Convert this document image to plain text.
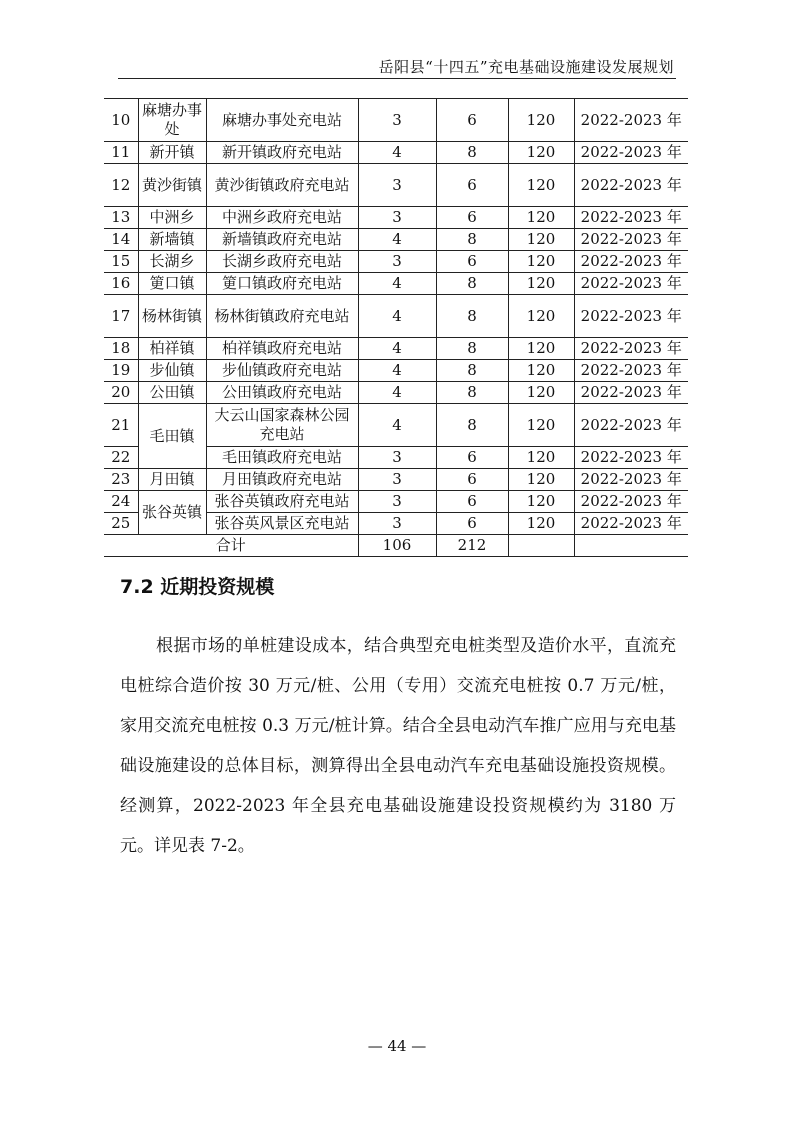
岳阳县“十四五”充电基础设施建设发展规划
10	麻塘办事处	麻塘办事处充电站	3	6	120	2022-2023 年
11	新开镇	新开镇政府充电站	4	8	120	2022-2023 年
12	黄沙街镇	黄沙街镇政府充电站	3	6	120	2022-2023 年
13	中洲乡	中洲乡政府充电站	3	6	120	2022-2023 年
14	新墙镇	新墙镇政府充电站	4	8	120	2022-2023 年
15	长湖乡	长湖乡政府充电站	3	6	120	2022-2023 年
16	筻口镇	筻口镇政府充电站	4	8	120	2022-2023 年
17	杨林街镇	杨林街镇政府充电站	4	8	120	2022-2023 年
18	柏祥镇	柏祥镇政府充电站	4	8	120	2022-2023 年
19	步仙镇	步仙镇政府充电站	4	8	120	2022-2023 年
20	公田镇	公田镇政府充电站	4	8	120	2022-2023 年
21	毛田镇	大云山国家森林公园充电站	4	8	120	2022-2023 年
22		毛田镇政府充电站	3	6	120	2022-2023 年
23	月田镇	月田镇政府充电站	3	6	120	2022-2023 年
24	张谷英镇	张谷英镇政府充电站	3	6	120	2022-2023 年
25		张谷英风景区充电站	3	6	120	2022-2023 年
合计			106	212		
7.2 近期投资规模

根据市场的单桩建设成本，结合典型充电桩类型及造价水平，直流充电桩综合造价按 30 万元/桩、公用（专用）交流充电桩按 0.7 万元/桩，家用交流充电桩按 0.3 万元/桩计算。结合全县电动汽车推广应用与充电基础设施建设的总体目标，测算得出全县电动汽车充电基础设施投资规模。经测算，2022-2023 年全县充电基础设施建设投资规模约为 3180 万元。详见表 7-2。

— 44 —
